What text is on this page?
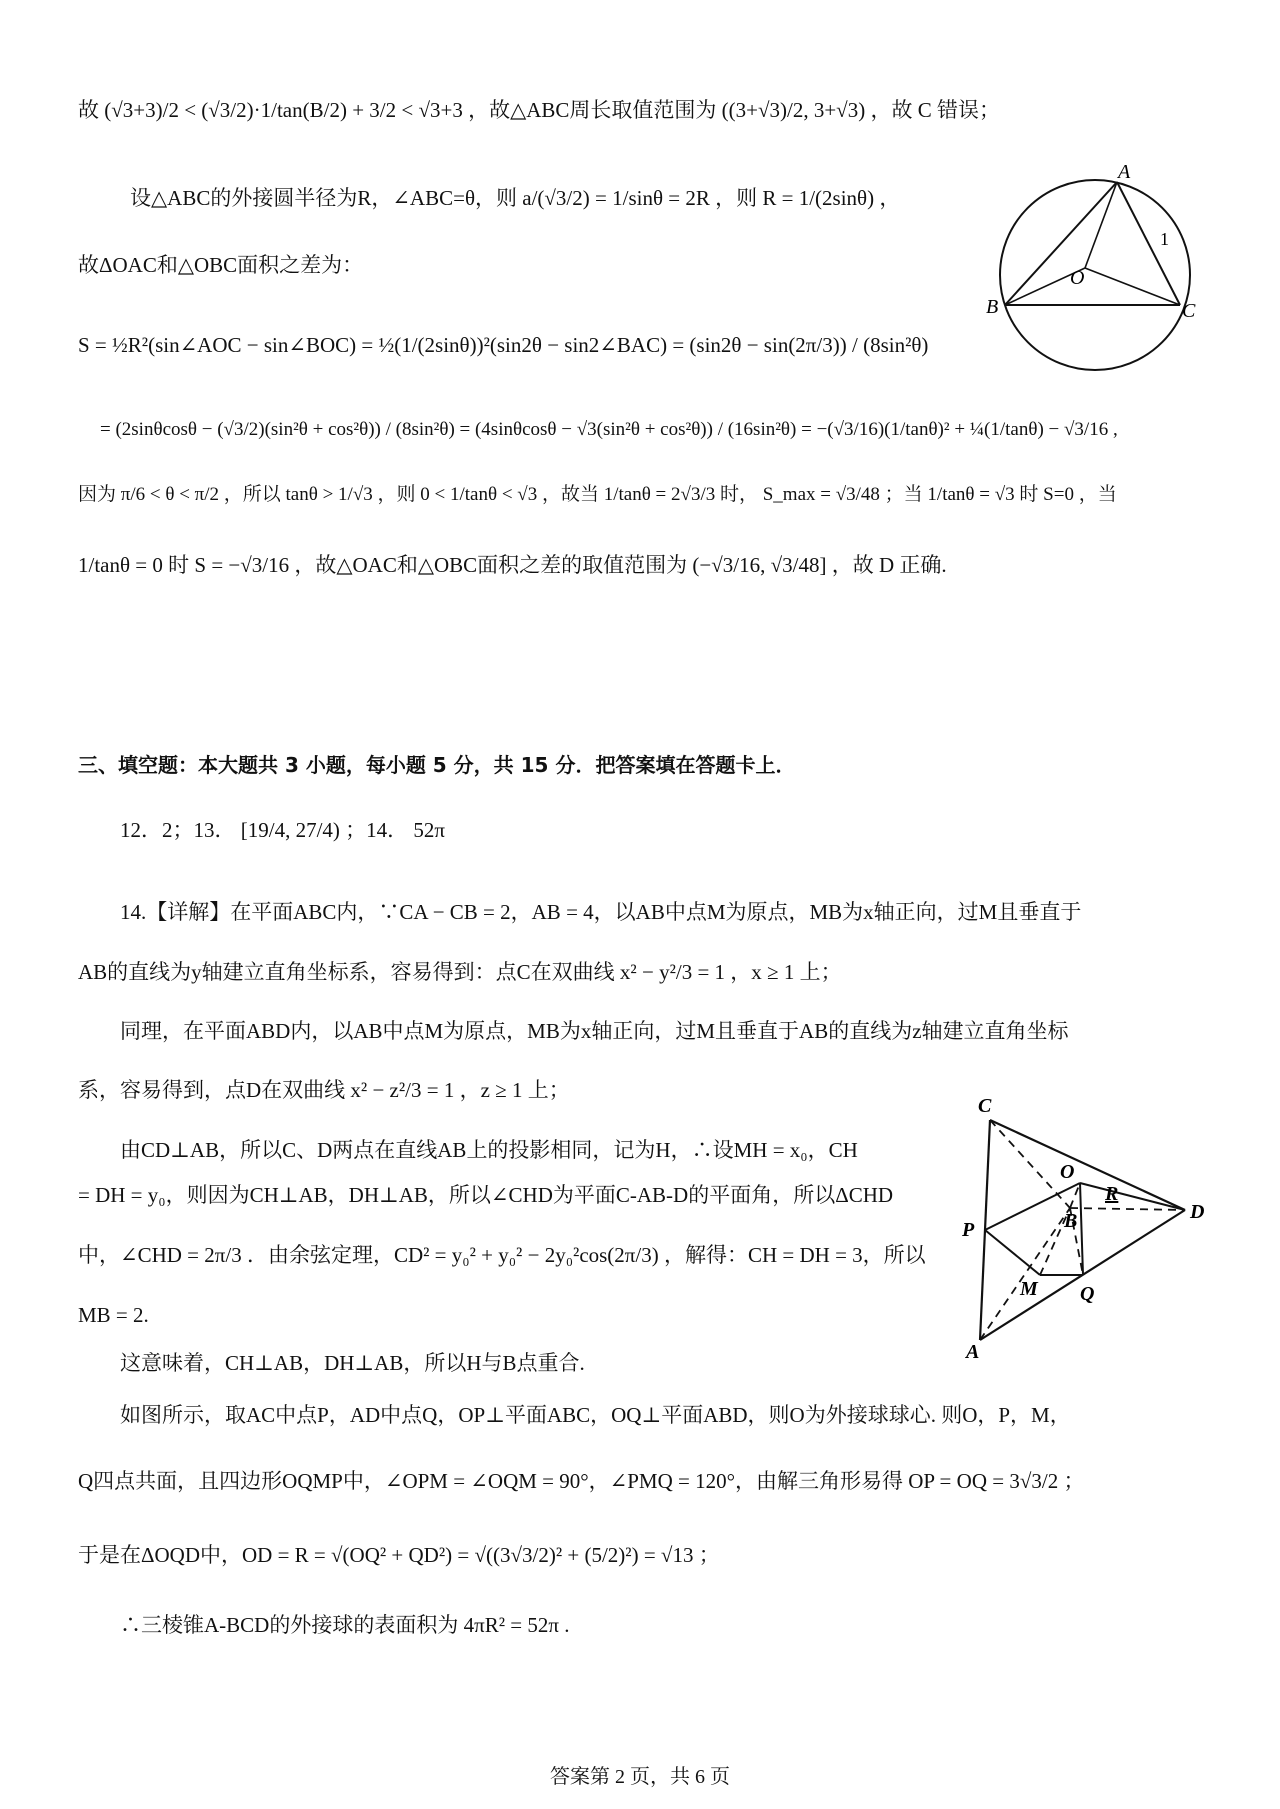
故 (√3+3)/2 < (√3/2)·1/tan(B/2) + 3/2 < √3+3 ，故△ABC周长取值范围为 ((3+√3)/2, 3+√3) ，故 C 错误；
设△ABC的外接圆半径为R，∠ABC=θ，则 a/(√3/2) = 1/sinθ = 2R ，则 R = 1/(2sinθ) ，
故ΔOAC和△OBC面积之差为：
S = ½R²(sin∠AOC − sin∠BOC) = ½(1/(2sinθ))²(sin2θ − sin2∠BAC) = (sin2θ − sin(2π/3)) / (8sin²θ)
= (2sinθcosθ − (√3/2)(sin²θ + cos²θ)) / (8sin²θ) = (4sinθcosθ − √3(sin²θ + cos²θ)) / (16sin²θ) = −(√3/16)(1/tanθ)² + ¼(1/tanθ) − √3/16 ,
因为 π/6 < θ < π/2 ，所以 tanθ > 1/√3 ，则 0 < 1/tanθ < √3 ，故当 1/tanθ = 2√3/3 时， S_max = √3/48 ；当 1/tanθ = √3 时 S=0 ，当
1/tanθ = 0 时 S = −√3/16 ，故△OAC和△OBC面积之差的取值范围为 (−√3/16, √3/48] ，故 D 正确.
A
B	C
O
1
三、填空题：本大题共 3 小题，每小题 5 分，共 15 分．把答案填在答题卡上．
12．2；13． [19/4, 27/4) ；14． 52π
14.【详解】在平面ABC内，∵CA − CB = 2，AB = 4，以AB中点M为原点，MB为x轴正向，过M且垂直于
AB的直线为y轴建立直角坐标系，容易得到：点C在双曲线 x² − y²/3 = 1 ，x ≥ 1 上；
同理，在平面ABD内，以AB中点M为原点，MB为x轴正向，过M且垂直于AB的直线为z轴建立直角坐标
系，容易得到，点D在双曲线 x² − z²/3 = 1 ，z ≥ 1 上；
由CD⊥AB，所以C、D两点在直线AB上的投影相同，记为H，∴设MH = x₀，CH
= DH = y₀，则因为CH⊥AB，DH⊥AB，所以∠CHD为平面C-AB-D的平面角，所以ΔCHD
中，∠CHD = 2π/3 ．由余弦定理，CD² = y₀² + y₀² − 2y₀²cos(2π/3) ，解得：CH = DH = 3，所以
MB = 2.
这意味着，CH⊥AB，DH⊥AB，所以H与B点重合.
如图所示，取AC中点P，AD中点Q，OP⊥平面ABC，OQ⊥平面ABD，则O为外接球球心. 则O，P，M，
Q四点共面，且四边形OQMP中，∠OPM = ∠OQM = 90°，∠PMQ = 120°，由解三角形易得 OP = OQ = 3√3/2 ；
于是在ΔOQD中，OD = R = √(OQ² + QD²) = √((3√3/2)² + (5/2)²) = √13 ；
∴三棱锥A-BCD的外接球的表面积为 4πR² = 52π .
C
O
R
D
P	B
M Q
A
答案第 2 页，共 6 页
